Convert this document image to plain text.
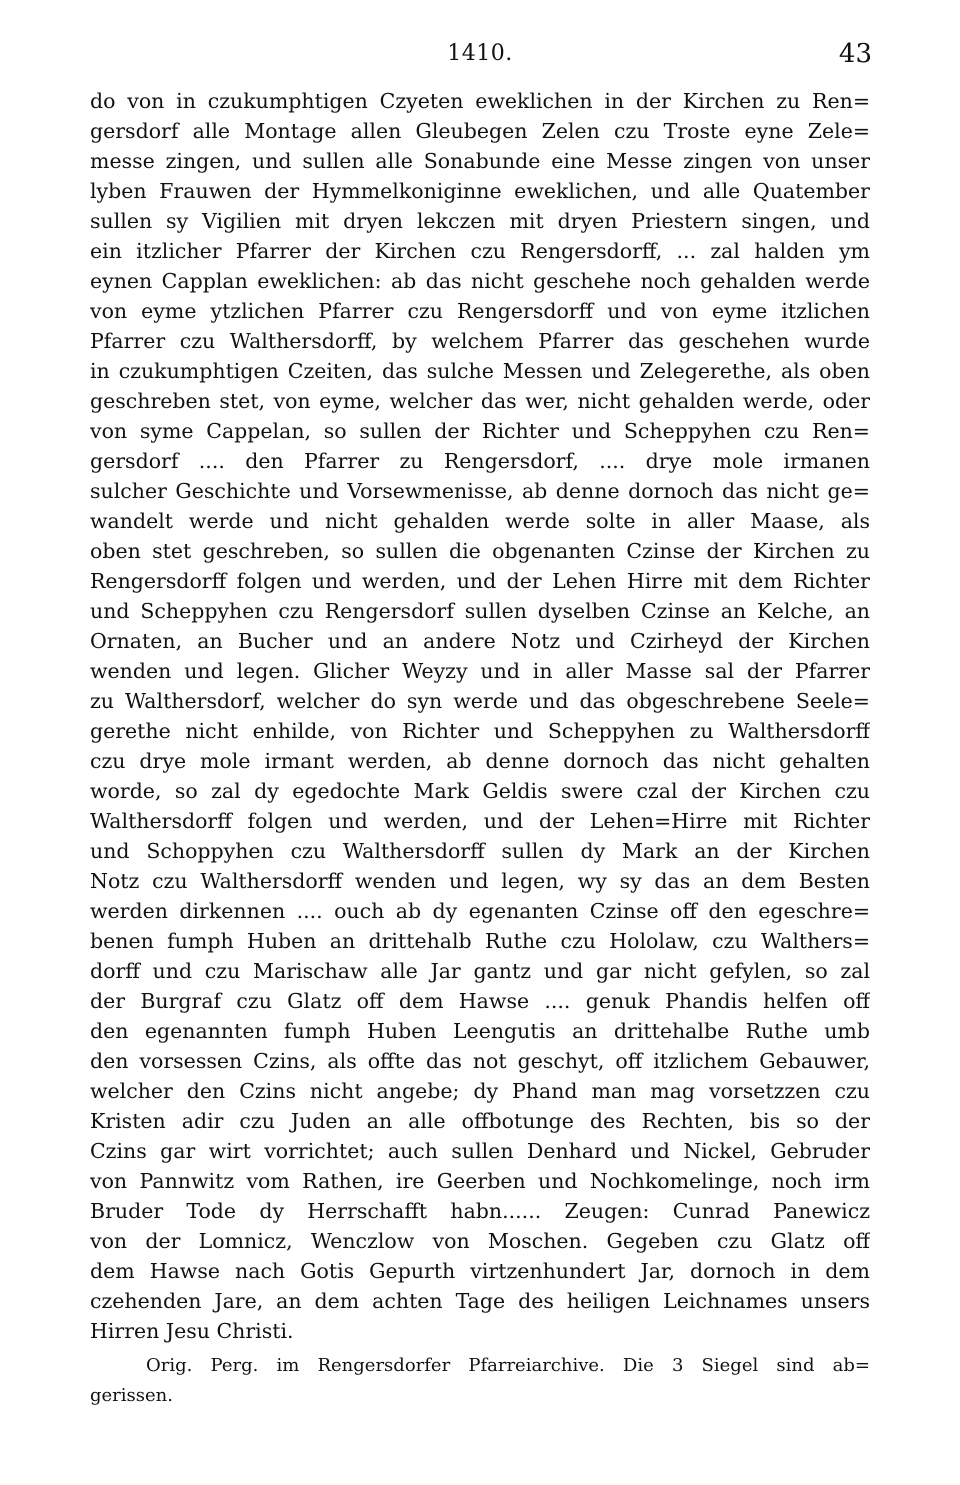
1410.	43
do von in czukumphtigen Czyeten eweklichen in der Kirchen zu Ren=
gersdorf alle Montage allen Gleubegen Zelen czu Troste eyne Zele=
messe zingen, und sullen alle Sonabunde eine Messe zingen von unser
lyben Frauwen der Hymmelkoniginne eweklichen, und alle Quatember
sullen sy Vigilien mit dryen lekczen mit dryen Priestern singen, und
ein itzlicher Pfarrer der Kirchen czu Rengersdorff, ... zal halden ym
eynen Capplan eweklichen: ab das nicht geschehe noch gehalden werde
von eyme ytzlichen Pfarrer czu Rengersdorff und von eyme itzlichen
Pfarrer czu Walthersdorff, by welchem Pfarrer das geschehen wurde
in czukumphtigen Czeiten, das sulche Messen und Zelegerethe, als oben
geschreben stet, von eyme, welcher das wer, nicht gehalden werde, oder
von syme Cappelan, so sullen der Richter und Scheppyhen czu Ren=
gersdorf .... den Pfarrer zu Rengersdorf, .... drye mole irmanen
sulcher Geschichte und Vorsewmenisse, ab denne dornoch das nicht ge=
wandelt werde und nicht gehalden werde solte in aller Maase, als
oben stet geschreben, so sullen die obgenanten Czinse der Kirchen zu
Rengersdorff folgen und werden, und der Lehen Hirre mit dem Richter
und Scheppyhen czu Rengersdorf sullen dyselben Czinse an Kelche, an
Ornaten, an Bucher und an andere Notz und Czirheyd der Kirchen
wenden und legen. Glicher Weyzy und in aller Masse sal der Pfarrer
zu Walthersdorf, welcher do syn werde und das obgeschrebene Seele=
gerethe nicht enhilde, von Richter und Scheppyhen zu Walthersdorff
czu drye mole irmant werden, ab denne dornoch das nicht gehalten
worde, so zal dy egedochte Mark Geldis swere czal der Kirchen czu
Walthersdorff folgen und werden, und der Lehen=Hirre mit Richter
und Schoppyhen czu Walthersdorff sullen dy Mark an der Kirchen
Notz czu Walthersdorff wenden und legen, wy sy das an dem Besten
werden dirkennen .... ouch ab dy egenanten Czinse off den egeschre=
benen fumph Huben an drittehalb Ruthe czu Hololaw, czu Walthers=
dorff und czu Marischaw alle Jar gantz und gar nicht gefylen, so zal
der Burgraf czu Glatz off dem Hawse .... genuk Phandis helfen off
den egenannten fumph Huben Leengutis an drittehalbe Ruthe umb
den vorsessen Czins, als offte das not geschyt, off itzlichem Gebauwer,
welcher den Czins nicht angebe; dy Phand man mag vorsetzzen czu
Kristen adir czu Juden an alle offbotunge des Rechten, bis so der
Czins gar wirt vorrichtet; auch sullen Denhard und Nickel, Gebruder
von Pannwitz vom Rathen, ire Geerben und Nochkomelinge, noch irm
Bruder Tode dy Herrschafft habn...... Zeugen: Cunrad Panewicz
von der Lomnicz, Wenczlow von Moschen. Gegeben czu Glatz off
dem Hawse nach Gotis Gepurth virtzenhundert Jar, dornoch in dem
czehenden Jare, an dem achten Tage des heiligen Leichnames unsers
Hirren Jesu Christi.
Orig. Perg. im Rengersdorfer Pfarreiarchive. Die 3 Siegel sind ab=
gerissen.
